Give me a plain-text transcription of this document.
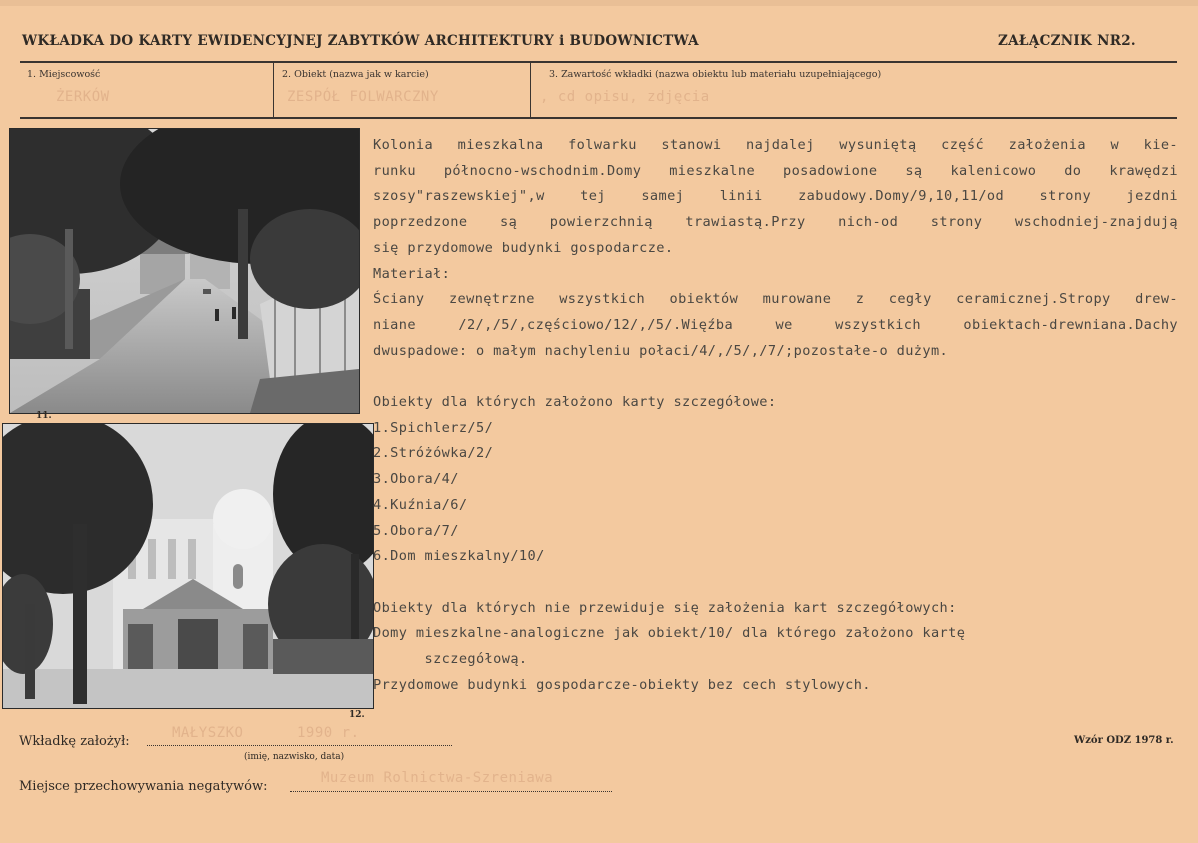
WKŁADKA DO KARTY EWIDENCYJNEJ ZABYTKÓW ARCHITEKTURY i BUDOWNICTWA	ZAŁĄCZNIK NR2.
1. Miejscowość
ŻERKÓW
2. Obiekt (nazwa jak w karcie)
ZESPÓŁ FOLWARCZNY
3. Zawartość wkładki (nazwa obiektu lub materiału uzupełniającego)
, cd opisu, zdjęcia
11.
12.
Kolonia mieszkalna folwarku stanowi najdalej wysuniętą część założenia w kie-
runku północno-wschodnim.Domy mieszkalne posadowione są kalenicowo do krawędzi
szosy"raszewskiej",w tej samej linii zabudowy.Domy/9,10,11/od strony jezdni
poprzedzone są powierzchnią trawiastą.Przy nich-od strony wschodniej-znajdują
się przydomowe budynki gospodarcze.
Materiał:
Ściany zewnętrzne wszystkich obiektów murowane z cegły ceramicznej.Stropy drew-
niane /2/,/5/,częściowo/12/,/5/.Więźba we wszystkich obiektach-drewniana.Dachy
dwuspadowe: o małym nachyleniu połaci/4/,/5/,/7/;pozostałe-o dużym.

Obiekty dla których założono karty szczegółowe:
1.Spichlerz/5/
2.Stróżówka/2/
3.Obora/4/
4.Kuźnia/6/
5.Obora/7/
6.Dom mieszkalny/10/

Obiekty dla których nie przewiduje się założenia kart szczegółowych:
Domy mieszkalne-analogiczne jak obiekt/10/ dla którego założono kartę
szczegółową.
Przydomowe budynki gospodarcze-obiekty bez cech stylowych.
Wkładkę założył:
MAŁYSZKO      1990 r.
(imię, nazwisko, data)
Miejsce przechowywania negatywów:
Muzeum Rolnictwa-Szreniawa
Wzór ODZ 1978 r.
